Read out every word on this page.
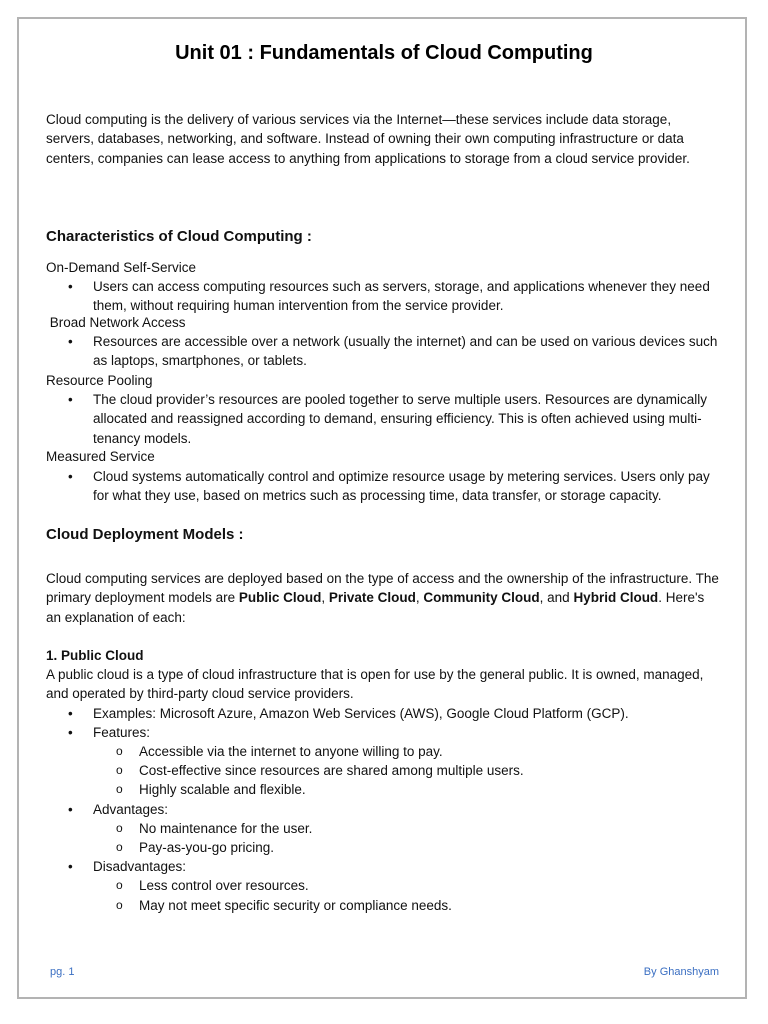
Unit 01 : Fundamentals of Cloud Computing
Cloud computing is the delivery of various services via the Internet—these services include data storage, servers, databases, networking, and software. Instead of owning their own computing infrastructure or data centers, companies can lease access to anything from applications to storage from a cloud service provider.
Characteristics of Cloud Computing :
On-Demand Self-Service
• Users can access computing resources such as servers, storage, and applications whenever they need them, without requiring human intervention from the service provider.
Broad Network Access
• Resources are accessible over a network (usually the internet) and can be used on various devices such as laptops, smartphones, or tablets.
Resource Pooling
• The cloud provider’s resources are pooled together to serve multiple users. Resources are dynamically allocated and reassigned according to demand, ensuring efficiency. This is often achieved using multi-tenancy models.
Measured Service
• Cloud systems automatically control and optimize resource usage by metering services. Users only pay for what they use, based on metrics such as processing time, data transfer, or storage capacity.
Cloud Deployment Models :
Cloud computing services are deployed based on the type of access and the ownership of the infrastructure. The primary deployment models are Public Cloud, Private Cloud, Community Cloud, and Hybrid Cloud. Here's an explanation of each:
1. Public Cloud
A public cloud is a type of cloud infrastructure that is open for use by the general public. It is owned, managed, and operated by third-party cloud service providers.
• Examples: Microsoft Azure, Amazon Web Services (AWS), Google Cloud Platform (GCP).
• Features:
o Accessible via the internet to anyone willing to pay.
o Cost-effective since resources are shared among multiple users.
o Highly scalable and flexible.
• Advantages:
o No maintenance for the user.
o Pay-as-you-go pricing.
• Disadvantages:
o Less control over resources.
o May not meet specific security or compliance needs.
pg. 1	By Ghanshyam
